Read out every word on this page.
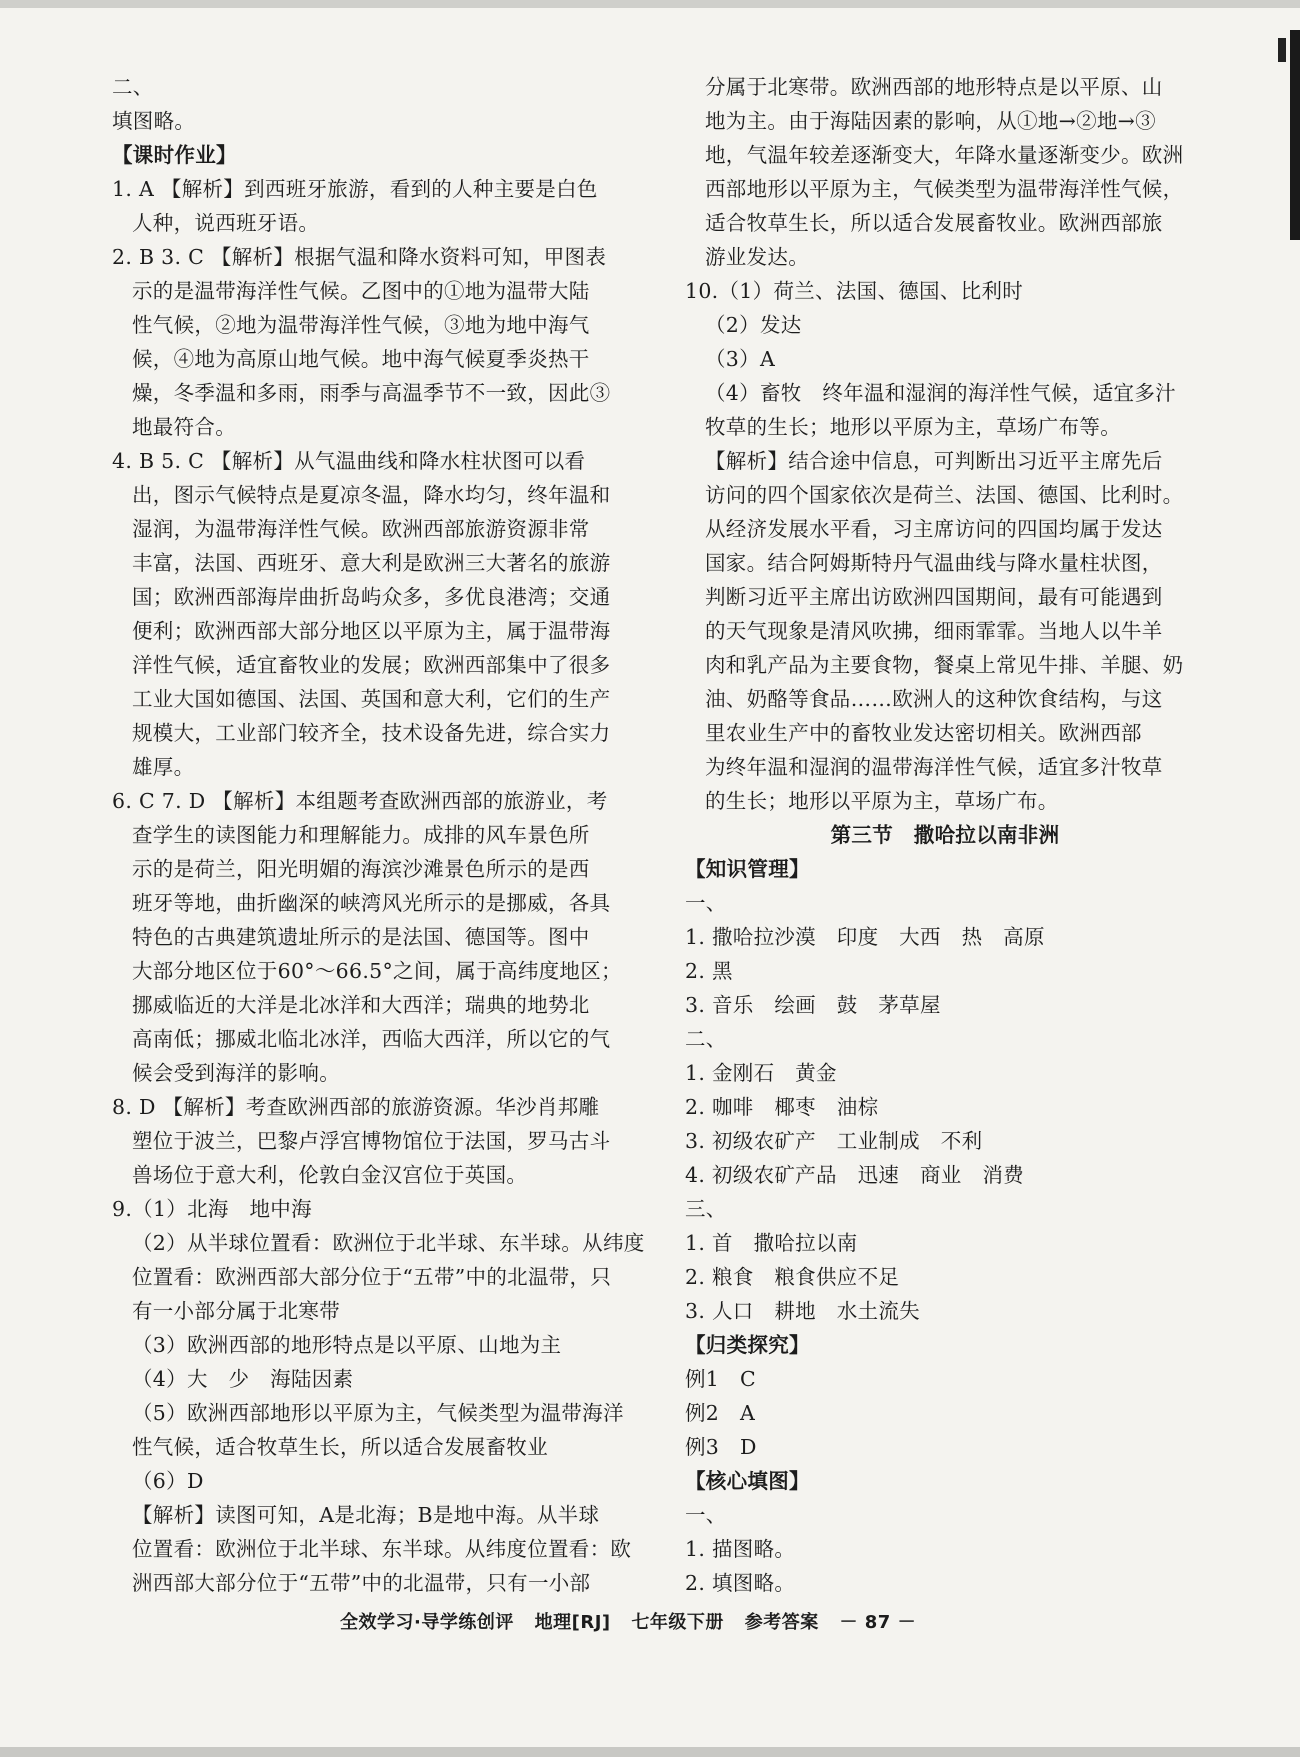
二、

填图略。

【课时作业】

1. A 【解析】到西班牙旅游，看到的人种主要是白色

人种，说西班牙语。

2. B 3. C 【解析】根据气温和降水资料可知，甲图表

示的是温带海洋性气候。乙图中的①地为温带大陆

性气候，②地为温带海洋性气候，③地为地中海气

候，④地为高原山地气候。地中海气候夏季炎热干

燥，冬季温和多雨，雨季与高温季节不一致，因此③

地最符合。

4. B 5. C 【解析】从气温曲线和降水柱状图可以看

出，图示气候特点是夏凉冬温，降水均匀，终年温和

湿润，为温带海洋性气候。欧洲西部旅游资源非常

丰富，法国、西班牙、意大利是欧洲三大著名的旅游

国；欧洲西部海岸曲折岛屿众多，多优良港湾；交通

便利；欧洲西部大部分地区以平原为主，属于温带海

洋性气候，适宜畜牧业的发展；欧洲西部集中了很多

工业大国如德国、法国、英国和意大利，它们的生产

规模大，工业部门较齐全，技术设备先进，综合实力

雄厚。

6. C 7. D 【解析】本组题考查欧洲西部的旅游业，考

查学生的读图能力和理解能力。成排的风车景色所

示的是荷兰，阳光明媚的海滨沙滩景色所示的是西

班牙等地，曲折幽深的峡湾风光所示的是挪威，各具

特色的古典建筑遗址所示的是法国、德国等。图中

大部分地区位于60°～66.5°之间，属于高纬度地区；

挪威临近的大洋是北冰洋和大西洋；瑞典的地势北

高南低；挪威北临北冰洋，西临大西洋，所以它的气

候会受到海洋的影响。

8. D 【解析】考查欧洲西部的旅游资源。华沙肖邦雕

塑位于波兰，巴黎卢浮宫博物馆位于法国，罗马古斗

兽场位于意大利，伦敦白金汉宫位于英国。

9.（1）北海　地中海

（2）从半球位置看：欧洲位于北半球、东半球。从纬度

位置看：欧洲西部大部分位于“五带”中的北温带，只

有一小部分属于北寒带

（3）欧洲西部的地形特点是以平原、山地为主

（4）大　少　海陆因素

（5）欧洲西部地形以平原为主，气候类型为温带海洋

性气候，适合牧草生长，所以适合发展畜牧业

（6）D

【解析】读图可知，A是北海；B是地中海。从半球

位置看：欧洲位于北半球、东半球。从纬度位置看：欧

洲西部大部分位于“五带”中的北温带，只有一小部

分属于北寒带。欧洲西部的地形特点是以平原、山

地为主。由于海陆因素的影响，从①地→②地→③

地，气温年较差逐渐变大，年降水量逐渐变少。欧洲

西部地形以平原为主，气候类型为温带海洋性气候，

适合牧草生长，所以适合发展畜牧业。欧洲西部旅

游业发达。

10.（1）荷兰、法国、德国、比利时

（2）发达

（3）A

（4）畜牧　终年温和湿润的海洋性气候，适宜多汁

牧草的生长；地形以平原为主，草场广布等。

【解析】结合途中信息，可判断出习近平主席先后

访问的四个国家依次是荷兰、法国、德国、比利时。

从经济发展水平看，习主席访问的四国均属于发达

国家。结合阿姆斯特丹气温曲线与降水量柱状图，

判断习近平主席出访欧洲四国期间，最有可能遇到

的天气现象是清风吹拂，细雨霏霏。当地人以牛羊

肉和乳产品为主要食物，餐桌上常见牛排、羊腿、奶

油、奶酪等食品……欧洲人的这种饮食结构，与这

里农业生产中的畜牧业发达密切相关。欧洲西部

为终年温和湿润的温带海洋性气候，适宜多汁牧草

的生长；地形以平原为主，草场广布。

第三节　撒哈拉以南非洲

【知识管理】

一、

1. 撒哈拉沙漠　印度　大西　热　高原

2. 黑

3. 音乐　绘画　鼓　茅草屋

二、

1. 金刚石　黄金

2. 咖啡　椰枣　油棕

3. 初级农矿产　工业制成　不利

4. 初级农矿产品　迅速　商业　消费

三、

1. 首　撒哈拉以南

2. 粮食　粮食供应不足

3. 人口　耕地　水土流失

【归类探究】

例1　C

例2　A

例3　D

【核心填图】

一、

1. 描图略。

2. 填图略。

全效学习·导学练创评 地理[RJ] 七年级下册 参考答案 － 87 －
